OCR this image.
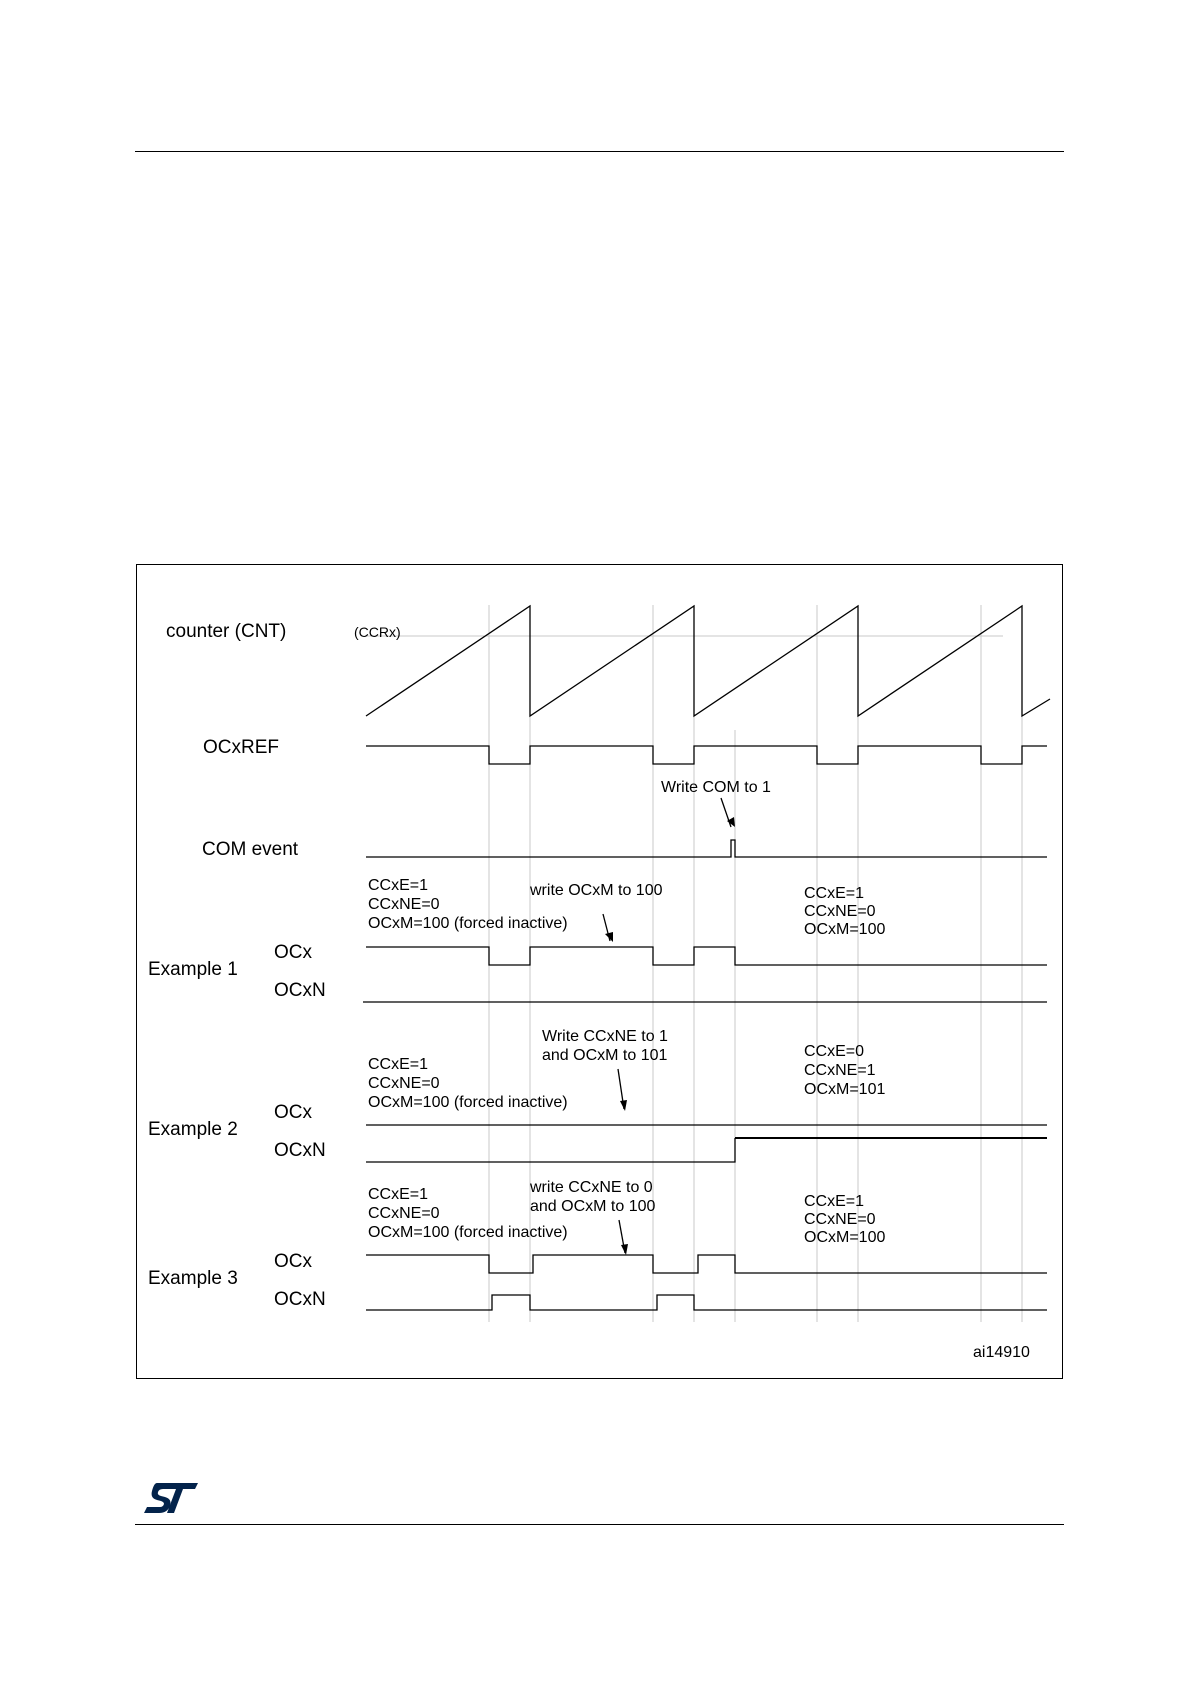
counter (CNT)	(CCRx)
OCxREF
Write COM to 1
COM event
CCxE=1
CCxNE=0
OCxM=100 (forced inactive)
write OCxM to 100	CCxE=1
CCxNE=0
OCxM=100
Example 1
OCx
OCxN
Write CCxNE to 1
and OCxM to 101
CCxE=1
CCxNE=0
OCxM=100 (forced inactive)
CCxE=0
CCxNE=1
OCxM=101
OCx
Example 2
OCxN
write CCxNE to 0
and OCxM to 100
CCxE=1
CCxNE=0
OCxM=100 (forced inactive)
CCxE=1
CCxNE=0
OCxM=100
OCx
Example 3
OCxN
ai14910
